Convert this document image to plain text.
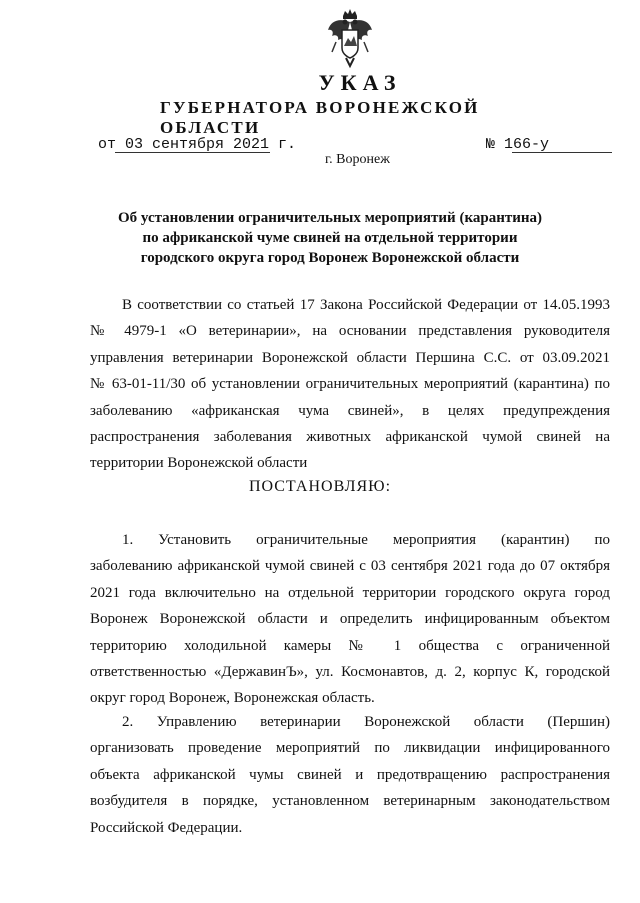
УКАЗ
ГУБЕРНАТОРА ВОРОНЕЖСКОЙ ОБЛАСТИ
от 03 сентября 2021 г.	№ 166-у
г. Воронеж
Об установлении ограничительных мероприятий (карантина)
по африканской чуме свиней на отдельной территории
городского округа город Воронеж Воронежской области
В соответствии со статьей 17 Закона Российской Федерации от 14.05.1993
№ 4979-1 «О ветеринарии», на основании представления руководителя
управления ветеринарии Воронежской области Першина С.С. от 03.09.2021
№ 63-01-11/30 об установлении ограничительных мероприятий (карантина) по
заболеванию «африканская чума свиней», в целях предупреждения
распространения заболевания животных африканской чумой свиней на
территории Воронежской области
ПОСТАНОВЛЯЮ:
1. Установить ограничительные мероприятия (карантин) по
заболеванию африканской чумой свиней с 03 сентября 2021 года до 07 октября
2021 года включительно на отдельной территории городского округа город
Воронеж Воронежской области и определить инфицированным объектом
территорию холодильной камеры № 1 общества с ограниченной
ответственностью «ДержавинЪ», ул. Космонавтов, д. 2, корпус К, городской
округ город Воронеж, Воронежская область.
2. Управлению ветеринарии Воронежской области (Першин)
организовать проведение мероприятий по ликвидации инфицированного
объекта африканской чумы свиней и предотвращению распространения
возбудителя в порядке, установленном ветеринарным законодательством
Российской Федерации.
